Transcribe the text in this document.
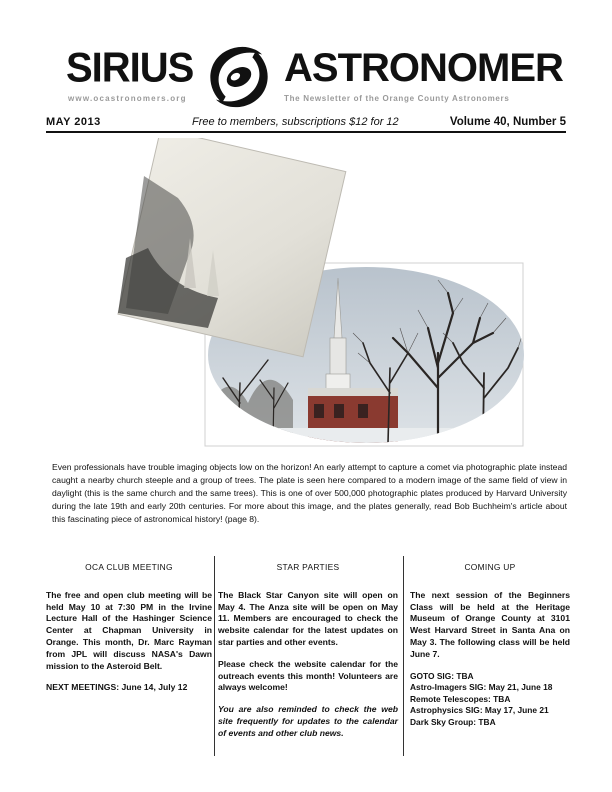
SIRIUS ASTRONOMER
www.ocastronomers.org	The Newsletter of the Orange County Astronomers
MAY 2013	Free to members, subscriptions $12 for 12	Volume 40, Number 5
Even professionals have trouble imaging objects low on the horizon! An early attempt to capture a comet via photographic plate instead caught a nearby church steeple and a group of trees. The plate is seen here compared to a modern image of the same field of view in daylight (this is the same church and the same trees). This is one of over 500,000 photographic plates produced by Harvard University during the late 19th and early 20th centuries. For more about this image, and the plates generally, read Bob Buchheim's article about this fascinating piece of astronomical history! (page 8).
OCA CLUB MEETING

The free and open club meeting will be held May 10 at 7:30 PM in the Irvine Lecture Hall of the Hashinger Science Center at Chapman University in Orange. This month, Dr. Marc Rayman from JPL will discuss NASA's Dawn mission to the Asteroid Belt.

NEXT MEETINGS: June 14, July 12

STAR PARTIES

The Black Star Canyon site will open on May 4. The Anza site will be open on May 11. Members are encouraged to check the website calendar for the latest updates on star parties and other events.

Please check the website calendar for the outreach events this month! Volunteers are always welcome!

You are also reminded to check the web site frequently for updates to the calendar of events and other club news.

COMING UP

The next session of the Beginners Class will be held at the Heritage Museum of Orange County at 3101 West Harvard Street in Santa Ana on May 3. The following class will be held June 7.

GOTO SIG: TBA
Astro-Imagers SIG: May 21, June 18
Remote Telescopes: TBA
Astrophysics SIG: May 17, June 21
Dark Sky Group: TBA
